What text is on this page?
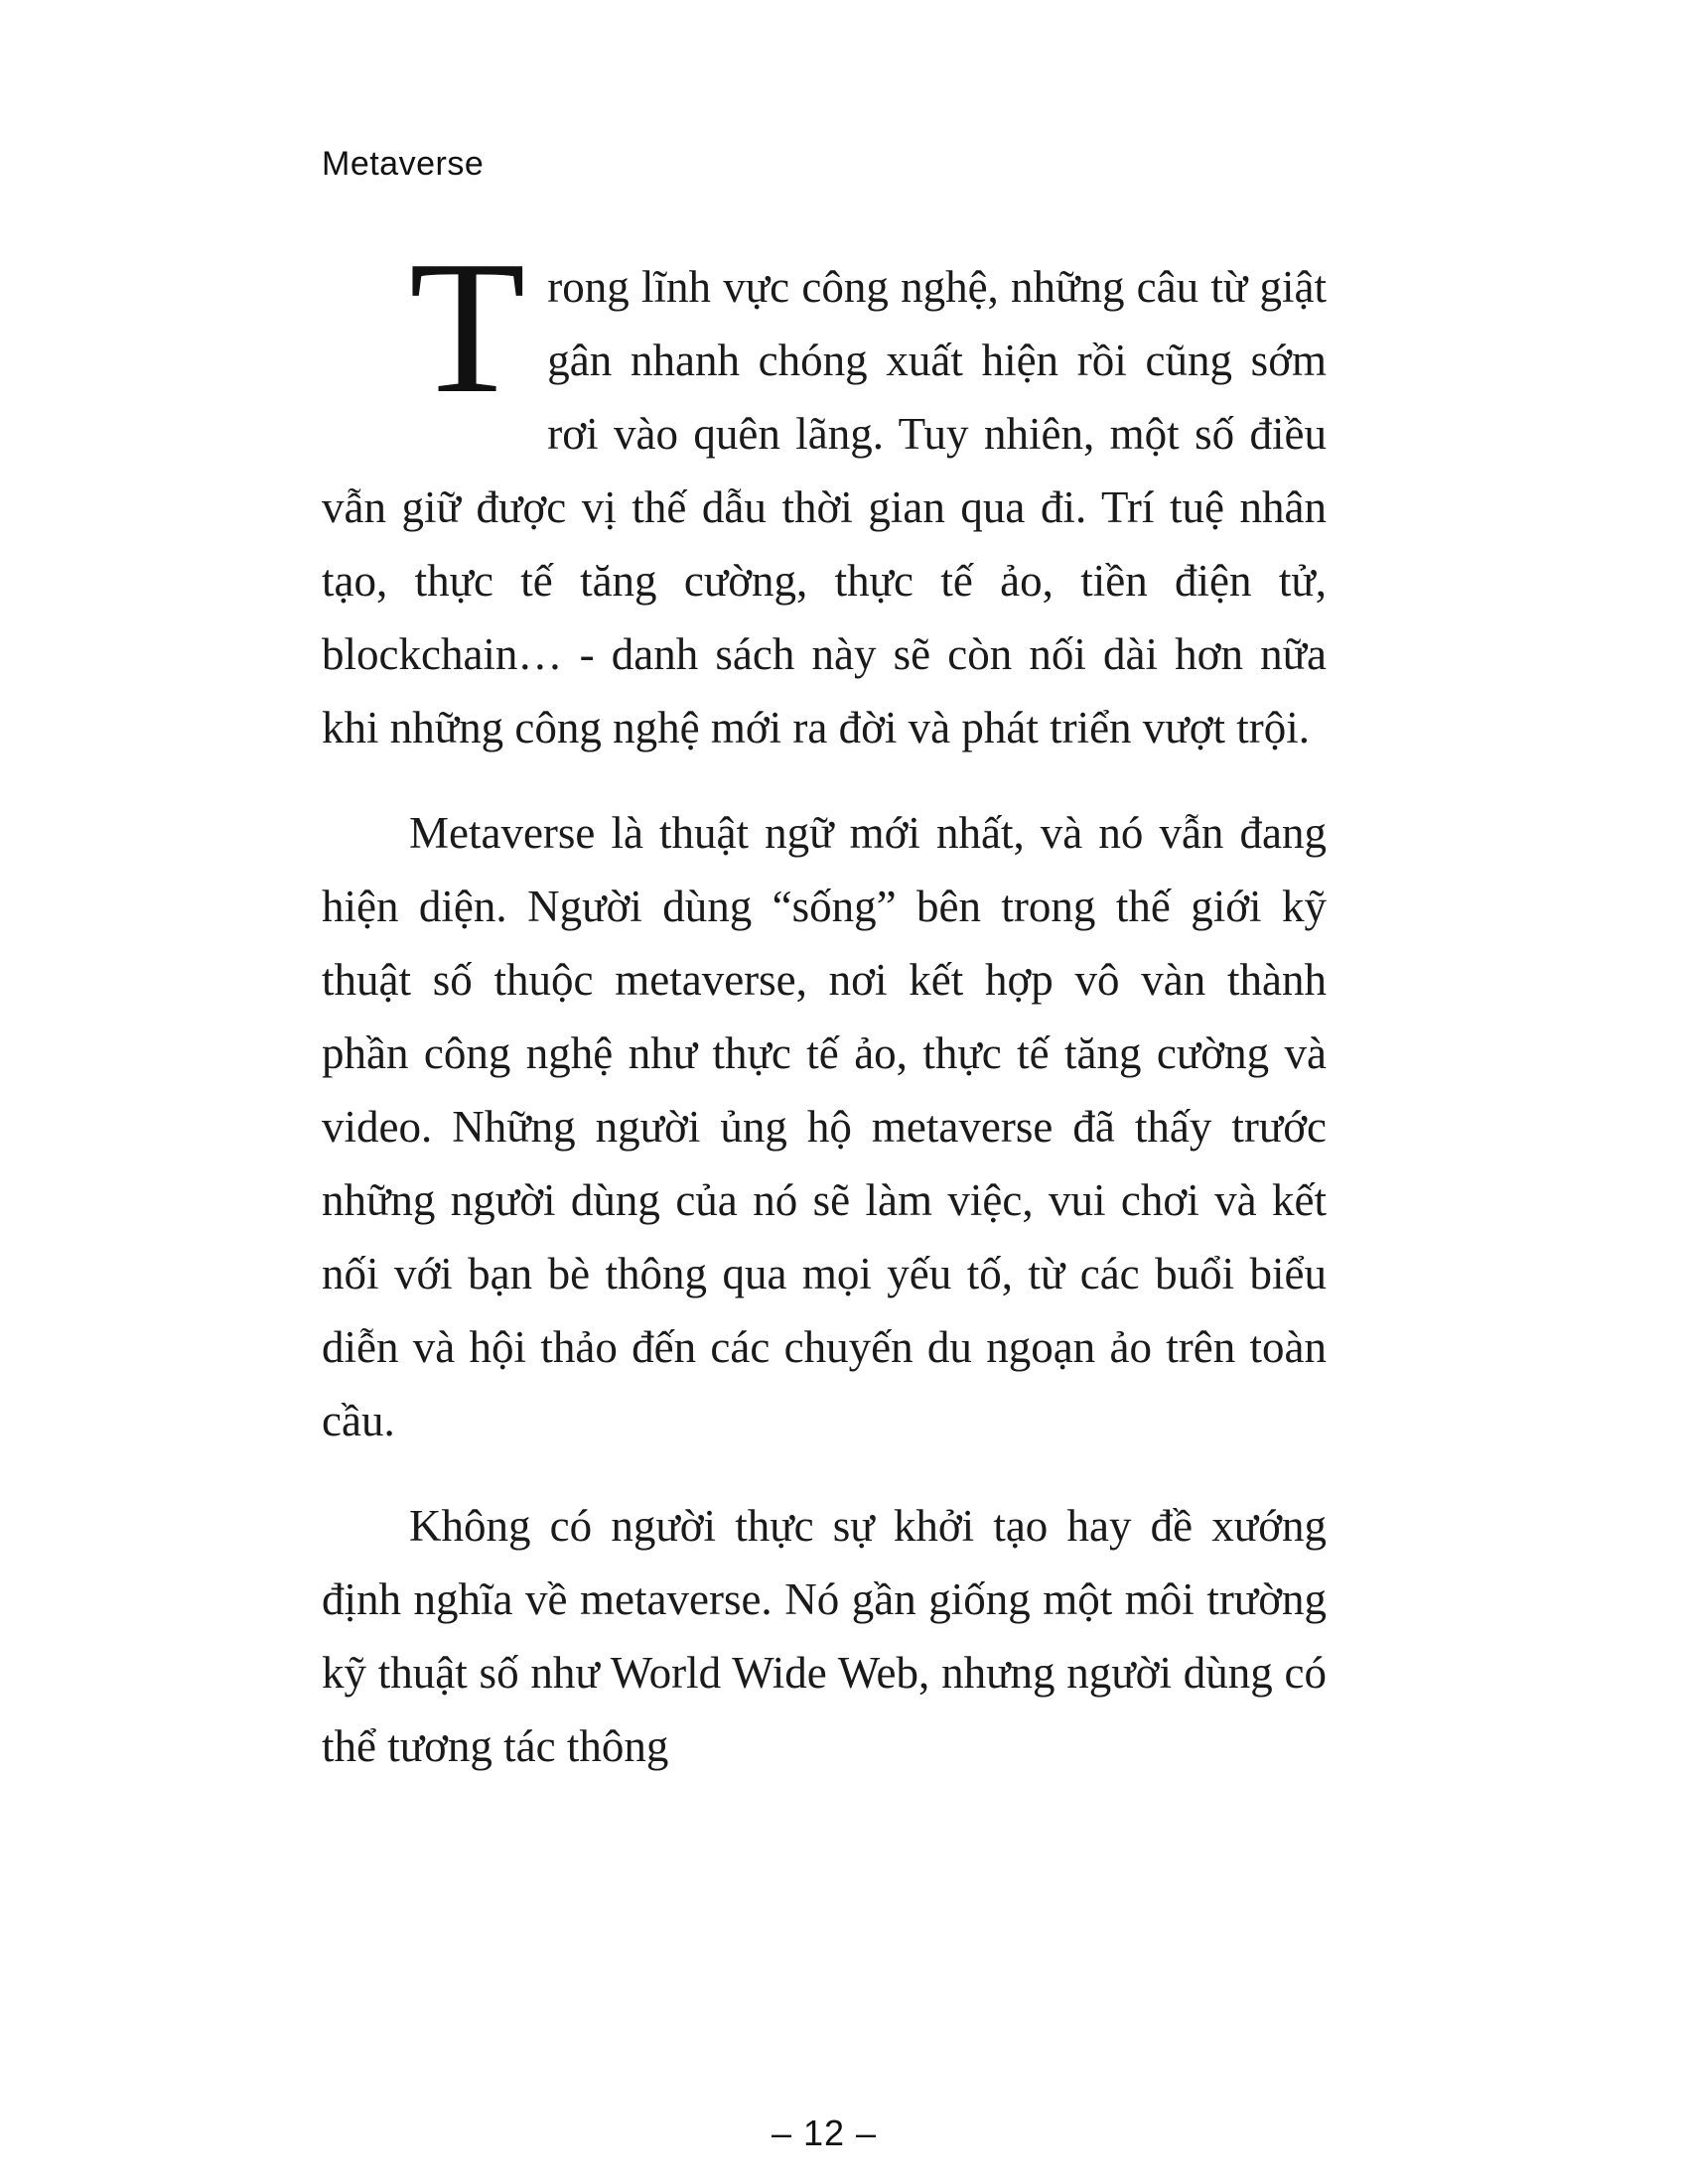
Metaverse

Trong lĩnh vực công nghệ, những câu từ giật gân nhanh chóng xuất hiện rồi cũng sớm rơi vào quên lãng. Tuy nhiên, một số điều vẫn giữ được vị thế dẫu thời gian qua đi. Trí tuệ nhân tạo, thực tế tăng cường, thực tế ảo, tiền điện tử, blockchain… - danh sách này sẽ còn nối dài hơn nữa khi những công nghệ mới ra đời và phát triển vượt trội.

Metaverse là thuật ngữ mới nhất, và nó vẫn đang hiện diện. Người dùng “sống” bên trong thế giới kỹ thuật số thuộc metaverse, nơi kết hợp vô vàn thành phần công nghệ như thực tế ảo, thực tế tăng cường và video. Những người ủng hộ metaverse đã thấy trước những người dùng của nó sẽ làm việc, vui chơi và kết nối với bạn bè thông qua mọi yếu tố, từ các buổi biểu diễn và hội thảo đến các chuyến du ngoạn ảo trên toàn cầu.

Không có người thực sự khởi tạo hay đề xướng định nghĩa về metaverse. Nó gần giống một môi trường kỹ thuật số như World Wide Web, nhưng người dùng có thể tương tác thông

– 12 –
